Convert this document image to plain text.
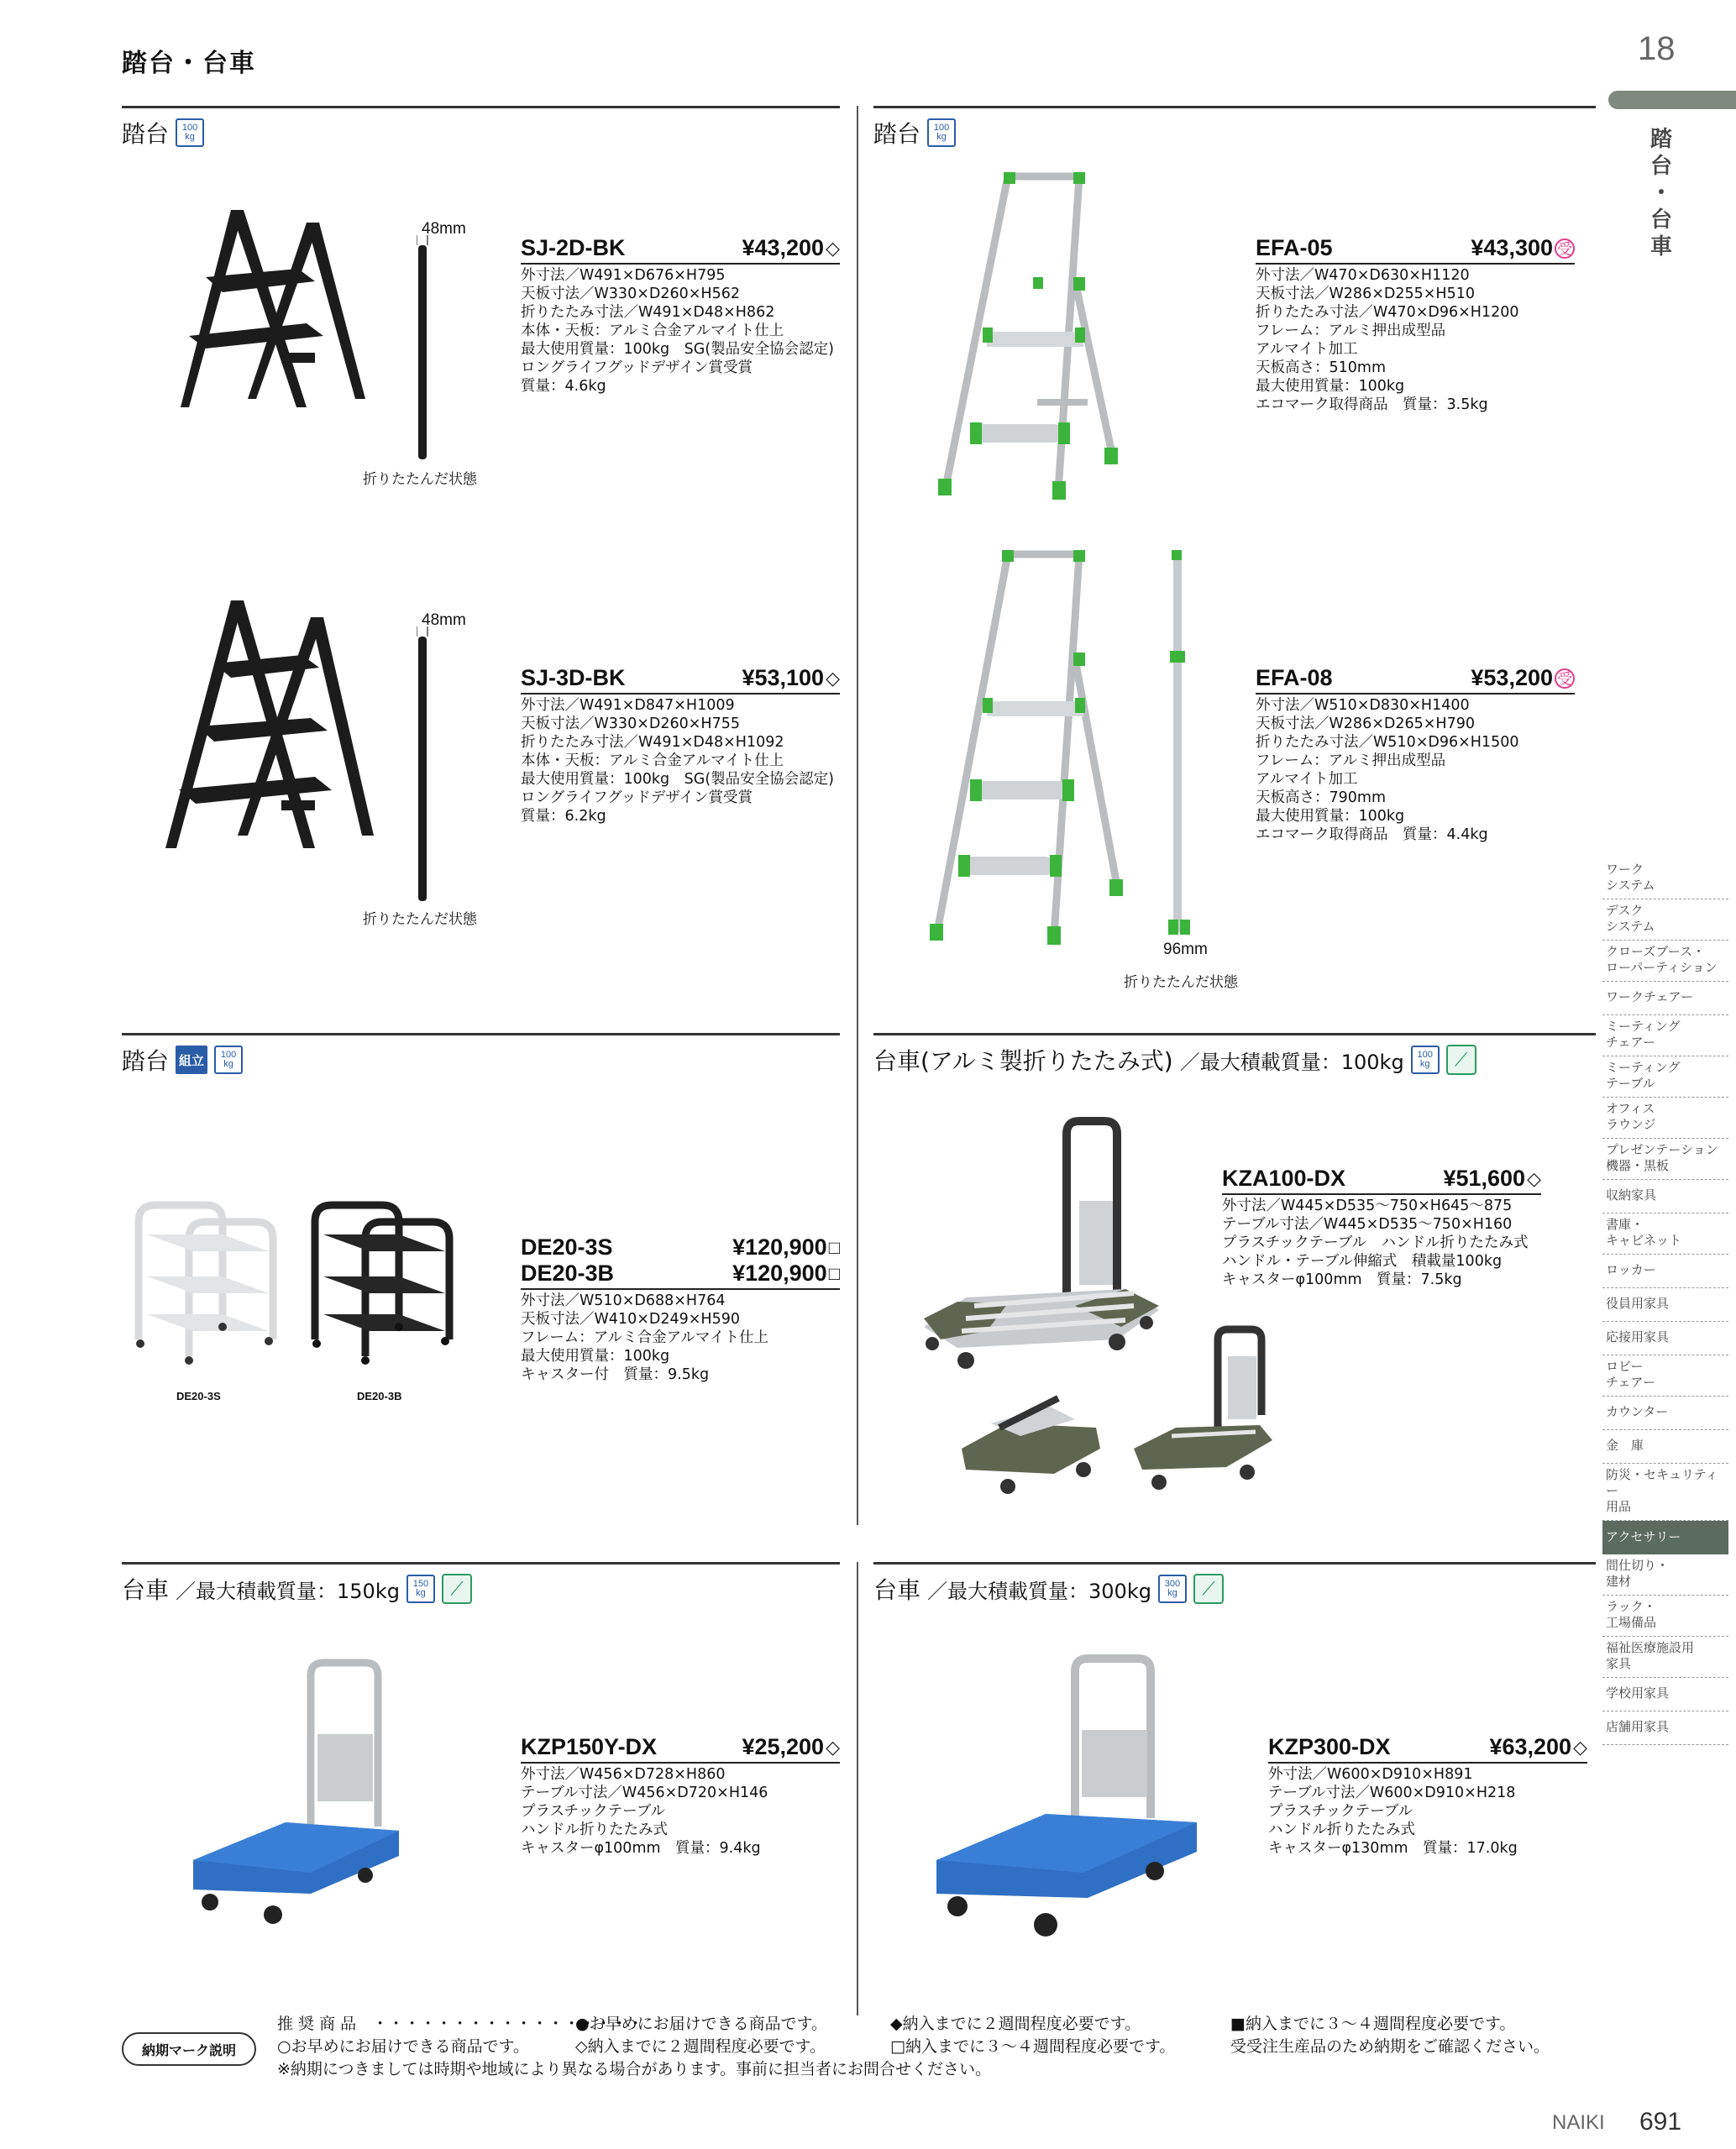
踏台・台車	18
踏
台
・
台
車
踏台 100
kg	踏台 100
kg
踏台 組立	100
kg	台車(アルミ製折りたたみ式) ／最大積載質量：100kg 100
kg	⟋
台車 ／最大積載質量：150kg 150
kg	⟋	台車 ／最大積載質量：300kg 300
kg	⟋
48mm
折りたたんだ状態
SJ-2D-BK	¥43,200 ◇
外寸法／W491×D676×H795
天板寸法／W330×D260×H562
折りたたみ寸法／W491×D48×H862
本体・天板：アルミ合金アルマイト仕上
最大使用質量：100kg　SG(製品安全協会認定)
ロングライフグッドデザイン賞受賞
質量：4.6kg
48mm
折りたたんだ状態
SJ-3D-BK	¥53,100 ◇
外寸法／W491×D847×H1009
天板寸法／W330×D260×H755
折りたたみ寸法／W491×D48×H1092
本体・天板：アルミ合金アルマイト仕上
最大使用質量：100kg　SG(製品安全協会認定)
ロングライフグッドデザイン賞受賞
質量：6.2kg
EFA-05	¥43,300 受
外寸法／W470×D630×H1120
天板寸法／W286×D255×H510
折りたたみ寸法／W470×D96×H1200
フレーム：アルミ押出成型品
アルマイト加工
天板高さ：510mm
最大使用質量：100kg
エコマーク取得商品　質量：3.5kg
96mm
折りたたんだ状態
EFA-08	¥53,200 受
外寸法／W510×D830×H1400
天板寸法／W286×D265×H790
折りたたみ寸法／W510×D96×H1500
フレーム：アルミ押出成型品
アルマイト加工
天板高さ：790mm
最大使用質量：100kg
エコマーク取得商品　質量：4.4kg
DE20-3S	DE20-3B
DE20-3S	¥120,900 □
DE20-3B	¥120,900 □
外寸法／W510×D688×H764
天板寸法／W410×D249×H590
フレーム：アルミ合金アルマイト仕上
最大使用質量：100kg
キャスター付　質量：9.5kg
KZA100-DX	¥51,600 ◇
外寸法／W445×D535～750×H645～875
テーブル寸法／W445×D535～750×H160
プラスチックテーブル　ハンドル折りたたみ式
ハンドル・テーブル伸縮式　積載量100kg
キャスターφ100mm　質量：7.5kg
KZP150Y-DX	¥25,200 ◇
外寸法／W456×D728×H860
テーブル寸法／W456×D720×H146
プラスチックテーブル
ハンドル折りたたみ式
キャスターφ100mm　質量：9.4kg
KZP300-DX	¥63,200 ◇
外寸法／W600×D910×H891
テーブル寸法／W600×D910×H218
プラスチックテーブル
ハンドル折りたたみ式
キャスターφ130mm　質量：17.0kg
ワーク
システム
デスク
システム
クローズブース・
ローパーティション
ワークチェアー
ミーティング
チェアー
ミーティング
テーブル
オフィス
ラウンジ
プレゼンテーション
機器・黒板
収納家具
書庫・
キャビネット
ロッカー
役員用家具
応接用家具
ロビー
チェアー
カウンター
金　庫
防災・セキュリティー
用品
アクセサリー
間仕切り・
建材
ラック・
工場備品
福祉医療施設用
家具
学校用家具
店舗用家具
納期マーク説明
推 奨 商 品　・・・・・・・・・・・・・・・・・
●お早めにお届けできる商品です。	◆納入までに２週間程度必要です。	■納入までに３～４週間程度必要です。
○お早めにお届けできる商品です。	◇納入までに２週間程度必要です。	□納入までに３～４週間程度必要です。	受受注生産品のため納期をご確認ください。
※納期につきましては時期や地域により異なる場合があります。事前に担当者にお問合せください。
NAIKI 691
